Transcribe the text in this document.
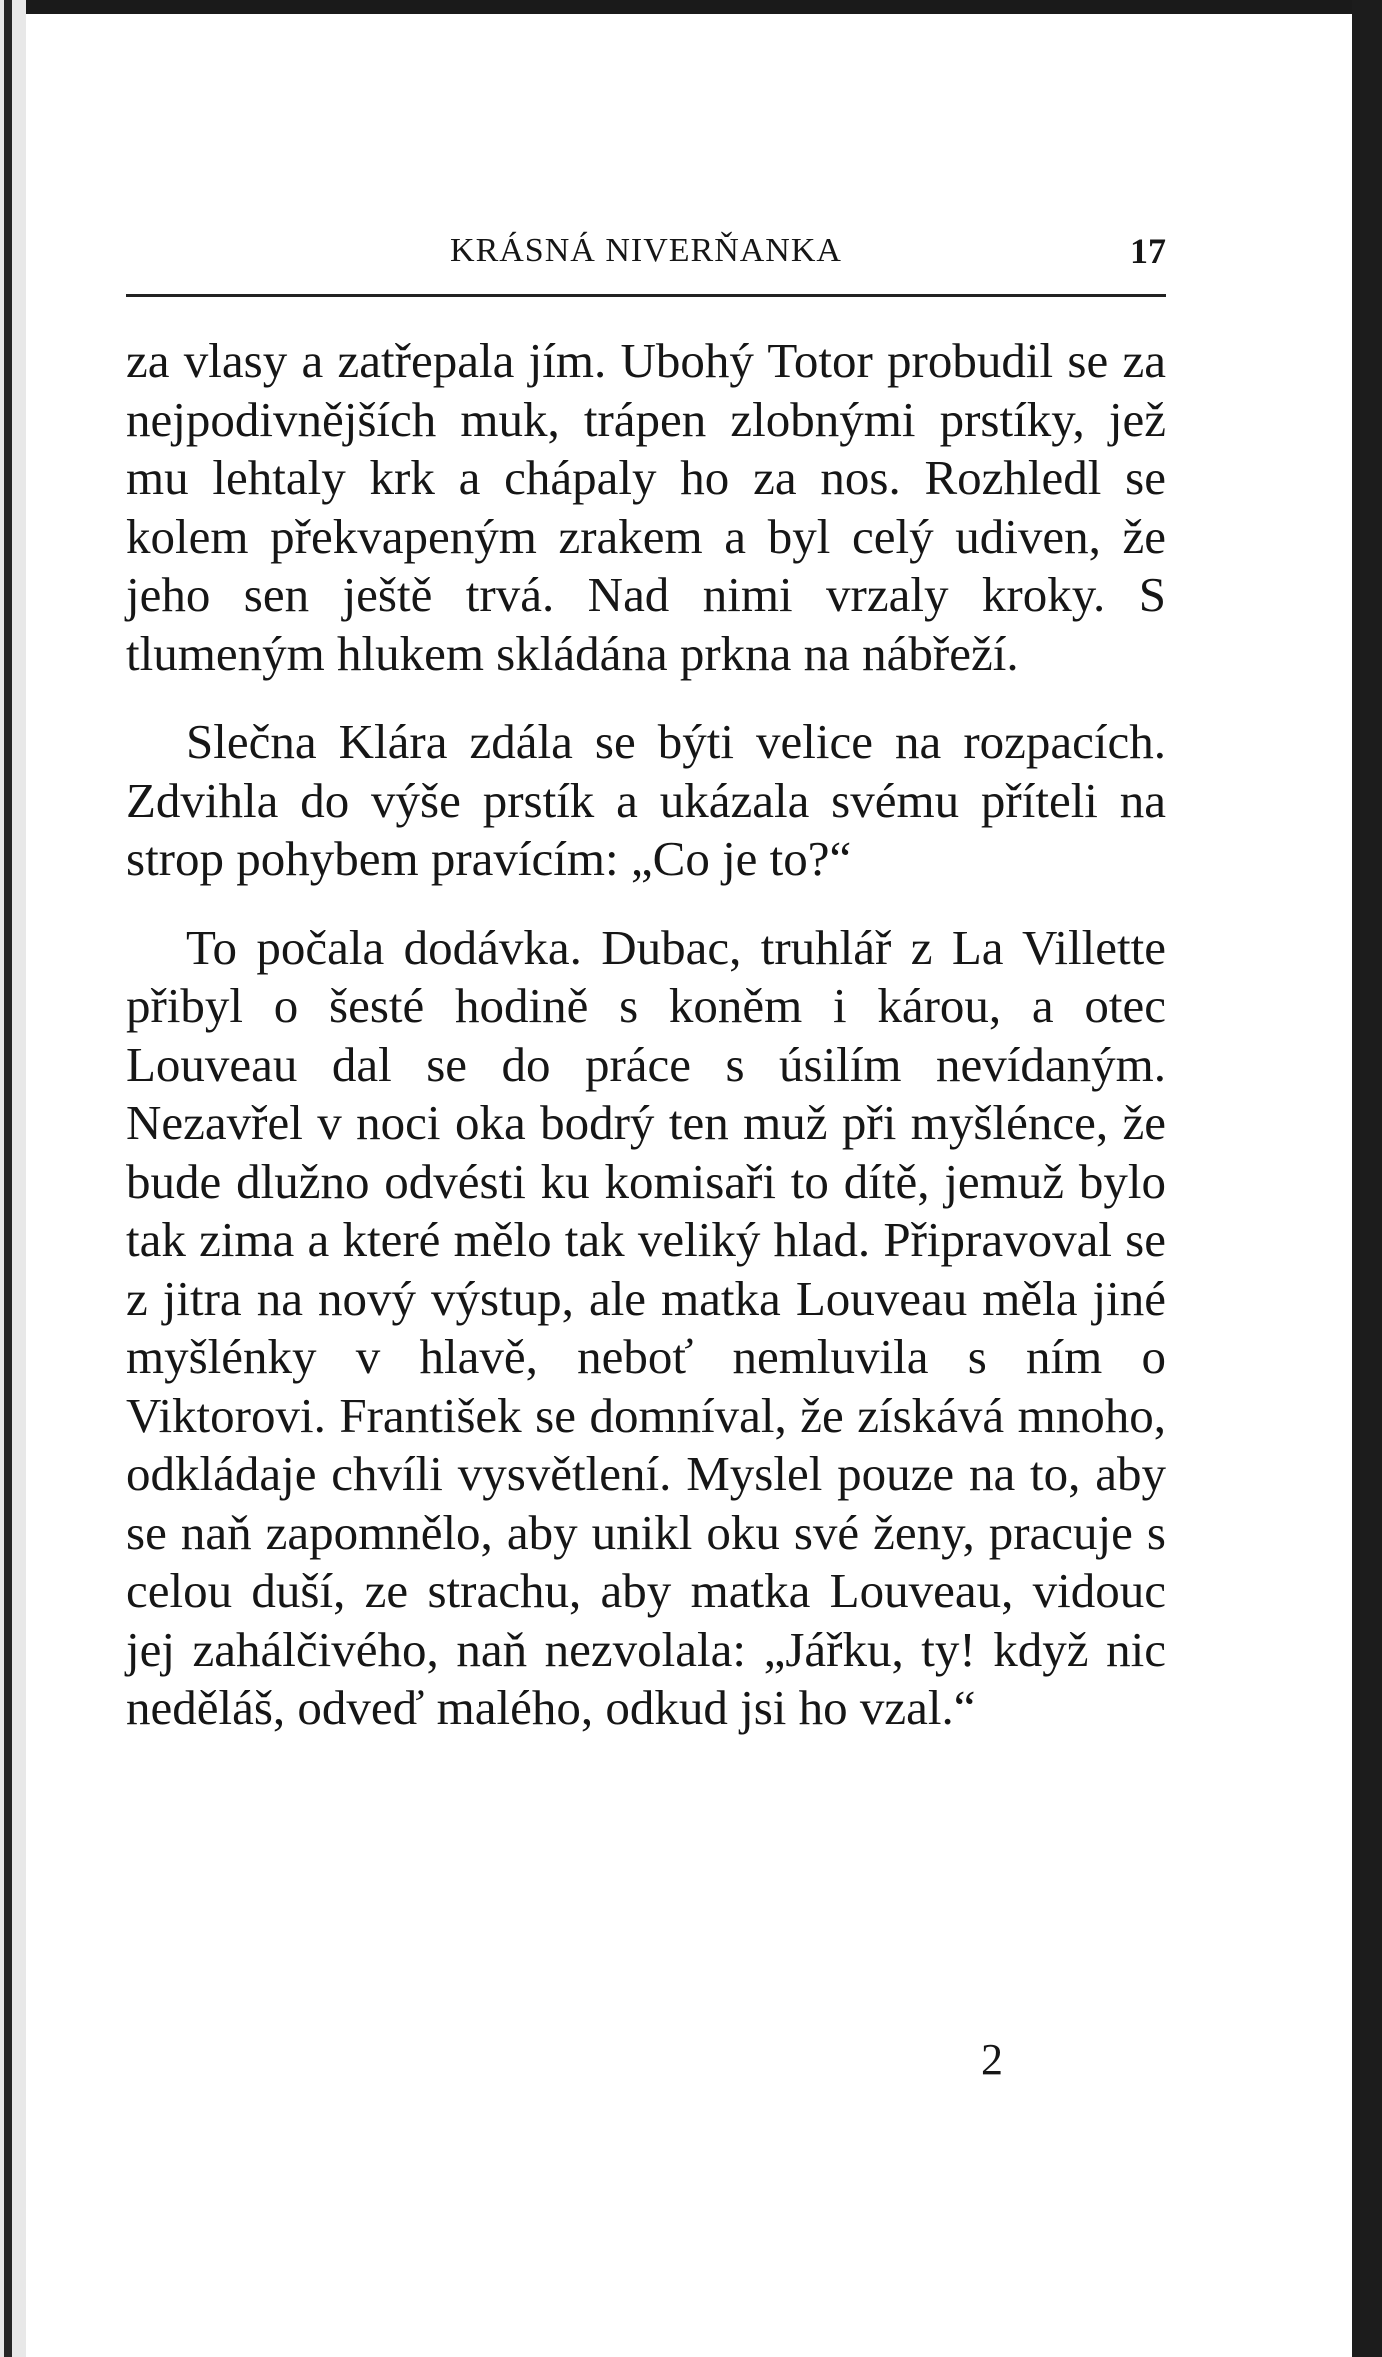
KRÁSNÁ NIVERŇANKA	17

za vlasy a zatřepala jím. Ubohý Totor probudil se za nejpodivnějších muk, trápen zlobnými prstíky, jež mu lehtaly krk a chápaly ho za nos. Rozhledl se kolem překvapeným zrakem a byl celý udiven, že jeho sen ještě trvá. Nad nimi vrzaly kroky. S tlumeným hlukem skládána prkna na nábřeží.

Slečna Klára zdála se býti velice na rozpacích. Zdvihla do výše prstík a ukázala svému příteli na strop pohybem pravícím: „Co je to?“

To počala dodávka. Dubac, truhlář z La Villette přibyl o šesté hodině s koněm i károu, a otec Louveau dal se do práce s úsilím nevídaným. Nezavřel v noci oka bodrý ten muž při myšlénce, že bude dlužno odvésti ku komisaři to dítě, jemuž bylo tak zima a které mělo tak veliký hlad. Připravoval se z jitra na nový výstup, ale matka Louveau měla jiné myšlénky v hlavě, neboť nemluvila s ním o Viktorovi. František se domníval, že získává mnoho, odkládaje chvíli vysvětlení. Myslel pouze na to, aby se naň zapomnělo, aby unikl oku své ženy, pracuje s celou duší, ze strachu, aby matka Louveau, vidouc jej zahálčivého, naň nezvolala: „Jářku, ty! když nic neděláš, odveď malého, odkud jsi ho vzal.“

2
